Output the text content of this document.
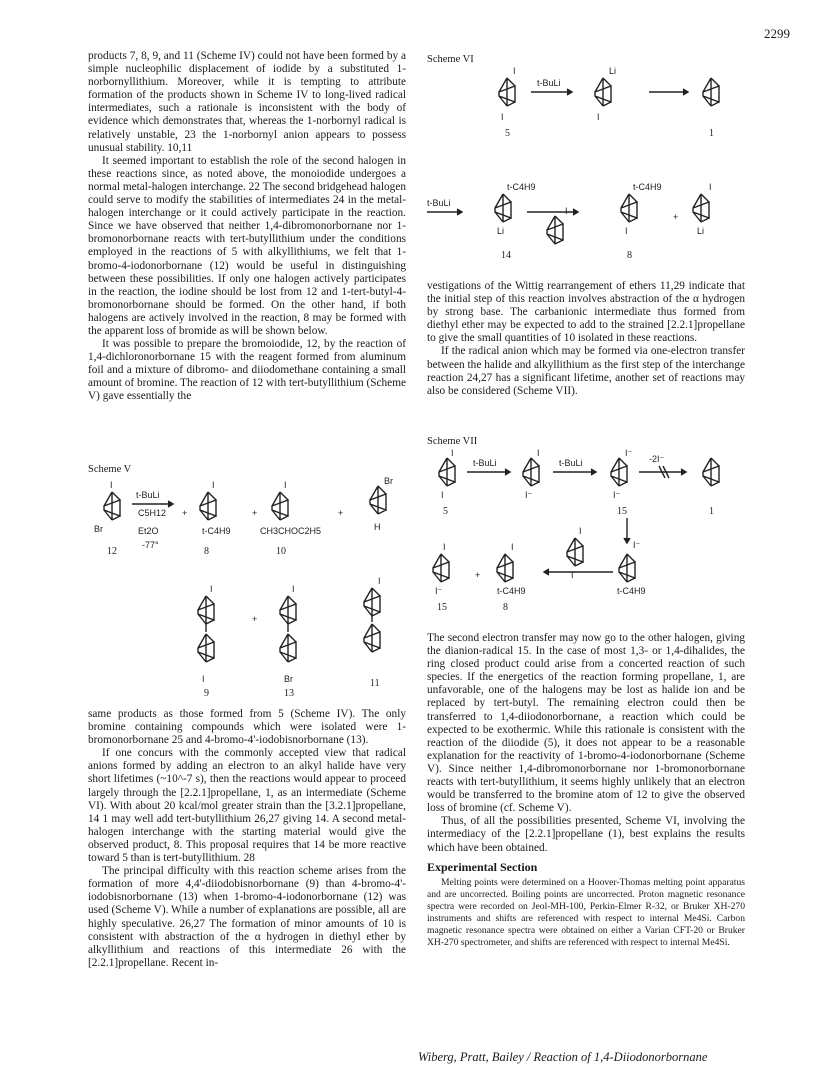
2299

products 7, 8, 9, and 11 (Scheme IV) could not have been formed by a simple nucleophilic displacement of iodide by a substituted 1-norbornyllithium. Moreover, while it is tempting to attribute formation of the products shown in Scheme IV to long-lived radical intermediates, such a rationale is inconsistent with the body of evidence which demonstrates that, whereas the 1-norbornyl radical is relatively unstable, 23 the 1-norbornyl anion appears to possess unusual stability. 10,11

It seemed important to establish the role of the second halogen in these reactions since, as noted above, the monoiodide undergoes a normal metal-halogen interchange. 22 The second bridgehead halogen could serve to modify the stabilities of intermediates 24 in the metal-halogen interchange or it could actively participate in the reaction. Since we have observed that neither 1,4-dibromonorbornane nor 1-bromonorbornane reacts with tert-butyllithium under the conditions employed in the reactions of 5 with alkyllithiums, we felt that 1-bromo-4-iodonorbornane (12) would be useful in distinguishing between these possibilities. If only one halogen actively participates in the reaction, the iodine should be lost from 12 and 1-tert-butyl-4-bromonorbornane should be formed. On the other hand, if both halogens are actively involved in the reaction, 8 may be formed with the apparent loss of bromide as will be shown below.

It was possible to prepare the bromoiodide, 12, by the reaction of 1,4-dichloronorbornane 15 with the reagent formed from aluminum foil and a mixture of dibromo- and diiodomethane containing a small amount of bromine. The reaction of 12 with tert-butyllithium (Scheme V) gave essentially the

Scheme V
I
Br
t-BuLi
C5H12
Et2O
-77°
12
+
I
t-C4H9
8
+
I
CH3CHOC2H5
10
+
Br
H
I
I
9
+
I
Br
13
I
11

same products as those formed from 5 (Scheme IV). The only bromine containing compounds which were isolated were 1-bromonorbornane 25 and 4-bromo-4'-iodobisnorbornane (13).

If one concurs with the commonly accepted view that radical anions formed by adding an electron to an alkyl halide have very short lifetimes (~10^-7 s), then the reactions would appear to proceed largely through the [2.2.1]propellane, 1, as an intermediate (Scheme VI). With about 20 kcal/mol greater strain than the [3.2.1]propellane, 14 1 may well add tert-butyllithium 26,27 giving 14. A second metal-halogen interchange with the starting material would give the observed product, 8. This proposal requires that 14 be more reactive toward 5 than is tert-butyllithium. 28

The principal difficulty with this reaction scheme arises from the formation of more 4,4'-diiodobisnorbornane (9) than 4-bromo-4'-iodobisnorbornane (13) when 1-bromo-4-iodonorbornane (12) was used (Scheme V). While a number of explanations are possible, all are highly speculative. 26,27 The formation of minor amounts of 10 is consistent with abstraction of the α hydrogen in diethyl ether by alkyllithium and reactions of this intermediate 26 with the [2.2.1]propellane. Recent in-

Scheme VI
I
I
5
t-BuLi
Li
I
1
t-BuLi
t-C4H9
Li
14
I
t-C4H9
I
8
+
I
Li

vestigations of the Wittig rearrangement of ethers 11,29 indicate that the initial step of this reaction involves abstraction of the α hydrogen by strong base. The carbanionic intermediate thus formed from diethyl ether may be expected to add to the strained [2.2.1]propellane to give the small quantities of 10 isolated in these reactions.

If the radical anion which may be formed via one-electron transfer between the halide and alkyllithium as the first step of the interchange reaction 24,27 has a significant lifetime, another set of reactions may also be considered (Scheme VII).

Scheme VII
I
I
5
t-BuLi
I
I⁻
t-BuLi
I⁻
I⁻
15
-2I⁻
1
I
I⁻
15
+
I
t-C4H9
8
I
I
I⁻
t-C4H9

The second electron transfer may now go to the other halogen, giving the dianion-radical 15. In the case of most 1,3- or 1,4-dihalides, the ring closed product could arise from a concerted reaction of such species. If the energetics of the reaction forming propellane, 1, are unfavorable, one of the halogens may be lost as halide ion and be replaced by tert-butyl. The remaining electron could then be transferred to 1,4-diiodonorbornane, a reaction which could be expected to be exothermic. While this rationale is consistent with the reaction of the diiodide (5), it does not appear to be a reasonable explanation for the reactivity of 1-bromo-4-iodonorbornane (Scheme V). Since neither 1,4-dibromonorbornane nor 1-bromonorbornane reacts with tert-butyllithium, it seems highly unlikely that an electron would be transferred to the bromine atom of 12 to give the observed loss of bromine (cf. Scheme V).

Thus, of all the possibilities presented, Scheme VI, involving the intermediacy of the [2.2.1]propellane (1), best explains the results which have been obtained.

Experimental Section

Melting points were determined on a Hoover-Thomas melting point apparatus and are uncorrected. Boiling points are uncorrected. Proton magnetic resonance spectra were recorded on Jeol-MH-100, Perkin-Elmer R-32, or Bruker XH-270 instruments and shifts are referenced with respect to internal Me4Si. Carbon magnetic resonance spectra were obtained on either a Varian CFT-20 or Bruker XH-270 spectrometer, and shifts are referenced with respect to internal Me4Si.

Wiberg, Pratt, Bailey / Reaction of 1,4-Diiodonorbornane
